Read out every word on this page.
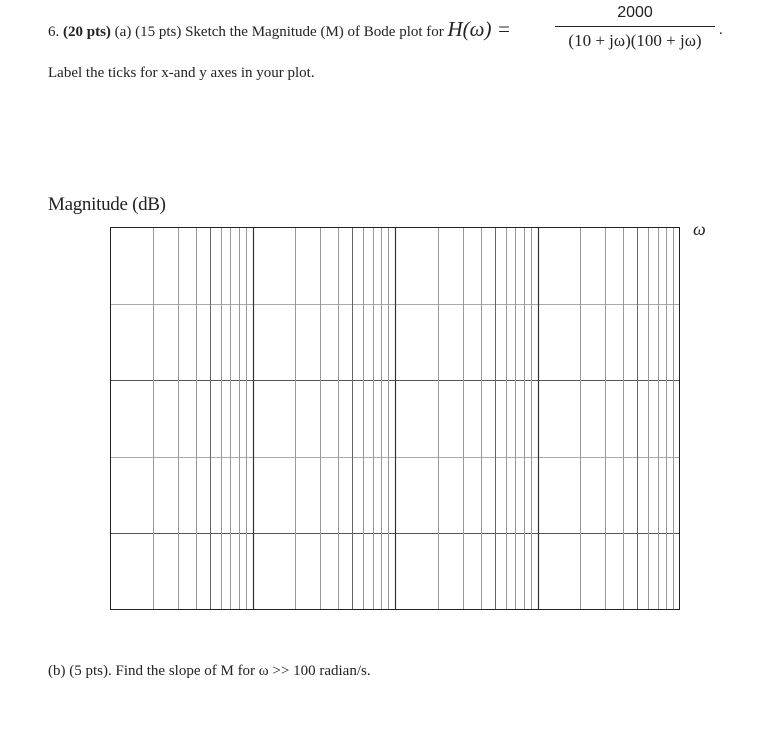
6. (20 pts) (a) (15 pts) Sketch the Magnitude (M) of Bode plot for H(ω) =
2000
(10 + jω)(100 + jω)
.
Label the ticks for x-and y axes in your plot.
Magnitude (dB)
ω
(b) (5 pts). Find the slope of M for ω >> 100 radian/s.
